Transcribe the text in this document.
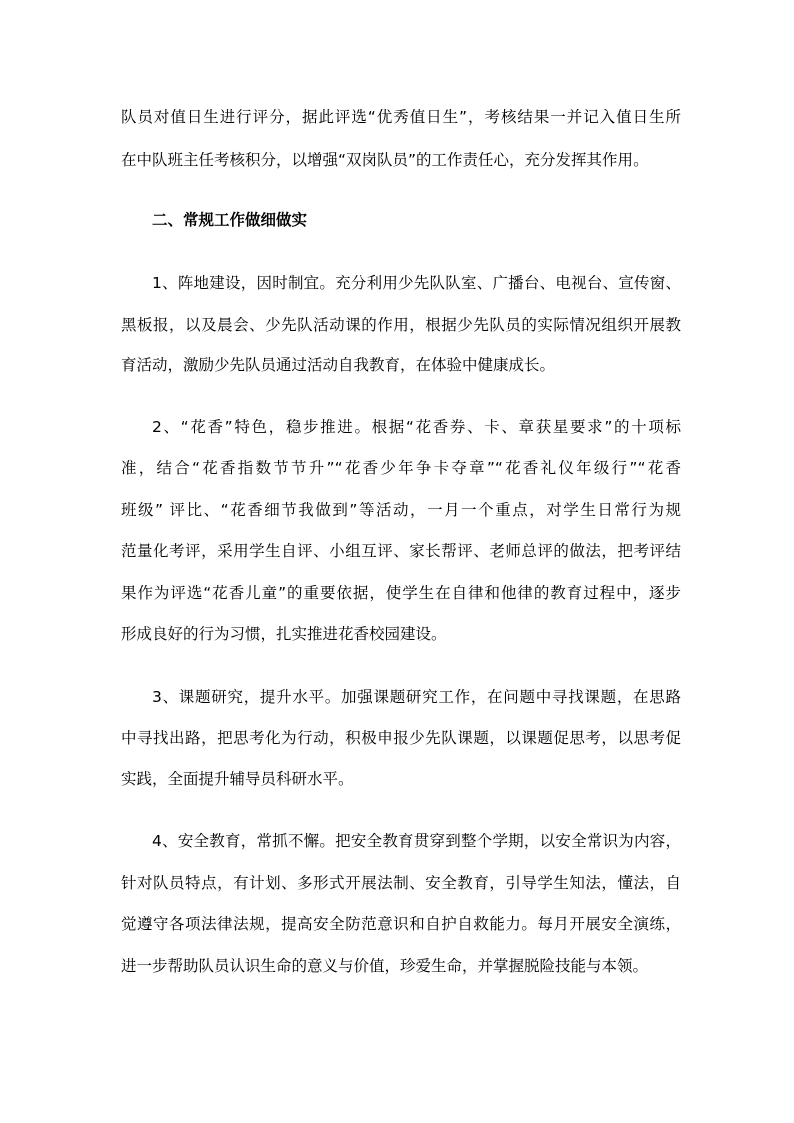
队员对值日生进行评分，据此评选“优秀值日生”，考核结果一并记入值日生所
在中队班主任考核积分，以增强“双岗队员”的工作责任心，充分发挥其作用。
二、常规工作做细做实
1、阵地建设，因时制宜。充分利用少先队队室、广播台、电视台、宣传窗、
黑板报，以及晨会、少先队活动课的作用，根据少先队员的实际情况组织开展教
育活动，激励少先队员通过活动自我教育，在体验中健康成长。
2、“花香”特色，稳步推进。根据“花香券、卡、章获星要求”的十项标
准，结合“花香指数节节升”“花香少年争卡夺章”“花香礼仪年级行”“花香
班级” 评比、“花香细节我做到”等活动，一月一个重点，对学生日常行为规
范量化考评，采用学生自评、小组互评、家长帮评、老师总评的做法，把考评结
果作为评选“花香儿童”的重要依据，使学生在自律和他律的教育过程中，逐步
形成良好的行为习惯，扎实推进花香校园建设。
3、课题研究，提升水平。加强课题研究工作，在问题中寻找课题，在思路
中寻找出路，把思考化为行动，积极申报少先队课题，以课题促思考，以思考促
实践，全面提升辅导员科研水平。
4、安全教育，常抓不懈。把安全教育贯穿到整个学期，以安全常识为内容，
针对队员特点，有计划、多形式开展法制、安全教育，引导学生知法，懂法，自
觉遵守各项法律法规，提高安全防范意识和自护自救能力。每月开展安全演练，
进一步帮助队员认识生命的意义与价值，珍爱生命，并掌握脱险技能与本领。
